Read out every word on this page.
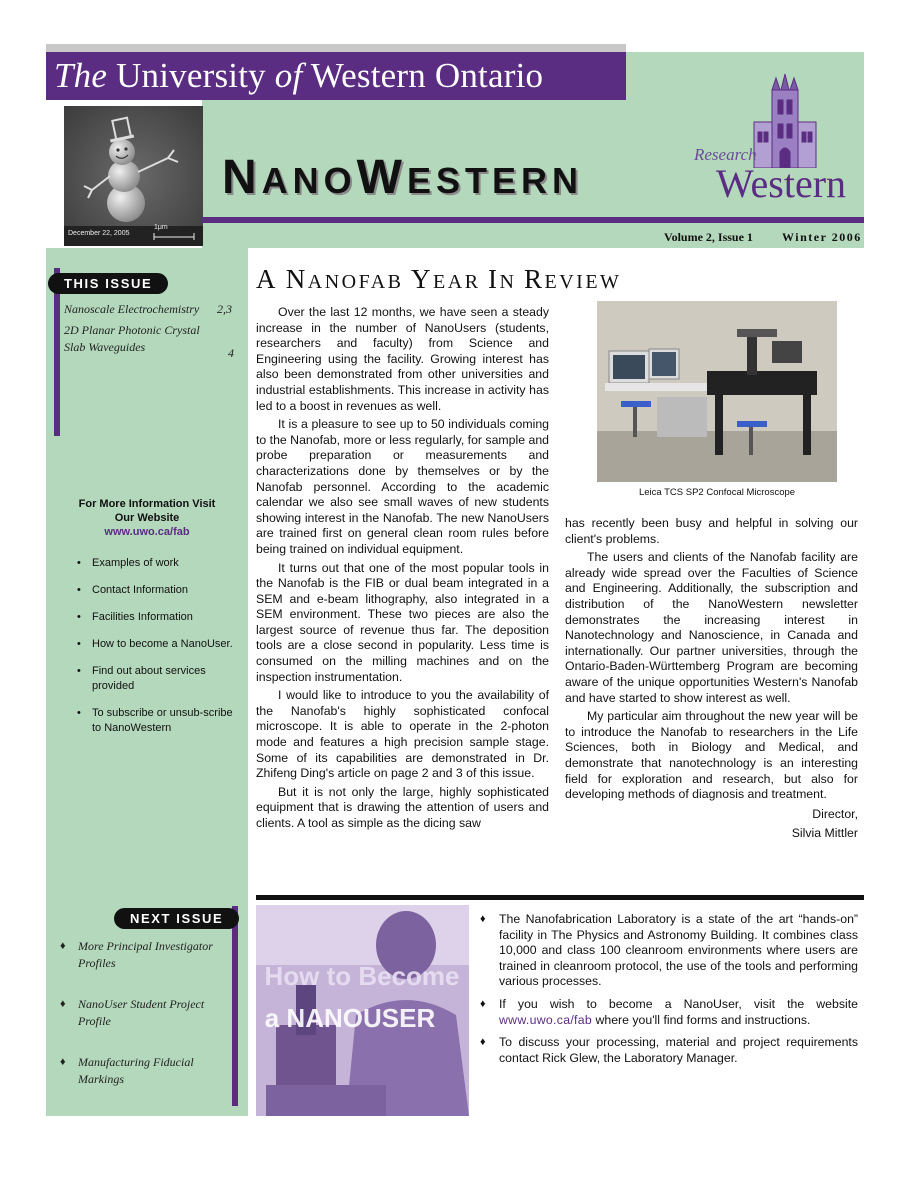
The University of Western Ontario
December 22, 2005
1μm
NANOWESTERN
Research
Western
Volume 2, Issue 1 Winter 2006
THIS ISSUE
Nanoscale Electrochemistry 2,3
2D Planar Photonic Crystal
Slab Waveguides	4
For More Information Visit
Our Website
www.uwo.ca/fab
• Examples of work
• Contact Information
• Facilities Information
• How to become a NanoUser.
• Find out about services provided
• To subscribe or unsub-scribe to NanoWestern
NEXT ISSUE
♦ More Principal Investigator Profiles
♦ NanoUser Student Project Profile
♦ Manufacturing Fiducial Markings
A NANOFAB YEAR IN REVIEW

Over the last 12 months, we have seen a steady increase in the number of NanoUsers (students, researchers and faculty) from Science and Engineering using the facility. Growing interest has also been demonstrated from other universities and industrial establishments. This increase in activity has led to a boost in revenues as well.

It is a pleasure to see up to 50 individuals coming to the Nanofab, more or less regularly, for sample and probe preparation or measurements and characterizations done by themselves or by the Nanofab personnel. According to the academic calendar we also see small waves of new students showing interest in the Nanofab. The new NanoUsers are trained first on general clean room rules before being trained on individual equipment.

It turns out that one of the most popular tools in the Nanofab is the FIB or dual beam integrated in a SEM and e-beam lithography, also integrated in a SEM environment. These two pieces are also the largest source of revenue thus far. The deposition tools are a close second in popularity. Less time is consumed on the milling machines and on the inspection instrumentation.

I would like to introduce to you the availability of the Nanofab's highly sophisticated confocal microscope. It is able to operate in the 2-photon mode and features a high precision sample stage. Some of its capabilities are demonstrated in Dr. Zhifeng Ding's article on page 2 and 3 of this issue.

But it is not only the large, highly sophisticated equipment that is drawing the attention of users and clients. A tool as simple as the dicing saw

Leica TCS SP2 Confocal Microscope

has recently been busy and helpful in solving our client's problems.

The users and clients of the Nanofab facility are already wide spread over the Faculties of Science and Engineering. Additionally, the subscription and distribution of the NanoWestern newsletter demonstrates the increasing interest in Nanotechnology and Nanoscience, in Canada and internationally. Our partner universities, through the Ontario-Baden-Württemberg Program are becoming aware of the unique opportunities Western's Nanofab and have started to show interest as well.

My particular aim throughout the new year will be to introduce the Nanofab to researchers in the Life Sciences, both in Biology and Medical, and demonstrate that nanotechnology is an interesting field for exploration and research, but also for developing methods of diagnosis and treatment.

Director,

Silvia Mittler

How to Become
a NANOUSER
♦ The Nanofabrication Laboratory is a state of the art “hands-on” facility in The Physics and Astronomy Building. It combines class 10,000 and class 100 cleanroom environments where users are trained in cleanroom protocol, the use of the tools and performing various processes.
♦ If you wish to become a NanoUser, visit the website www.uwo.ca/fab where you'll find forms and instructions.
♦ To discuss your processing, material and project requirements contact Rick Glew, the Laboratory Manager.
